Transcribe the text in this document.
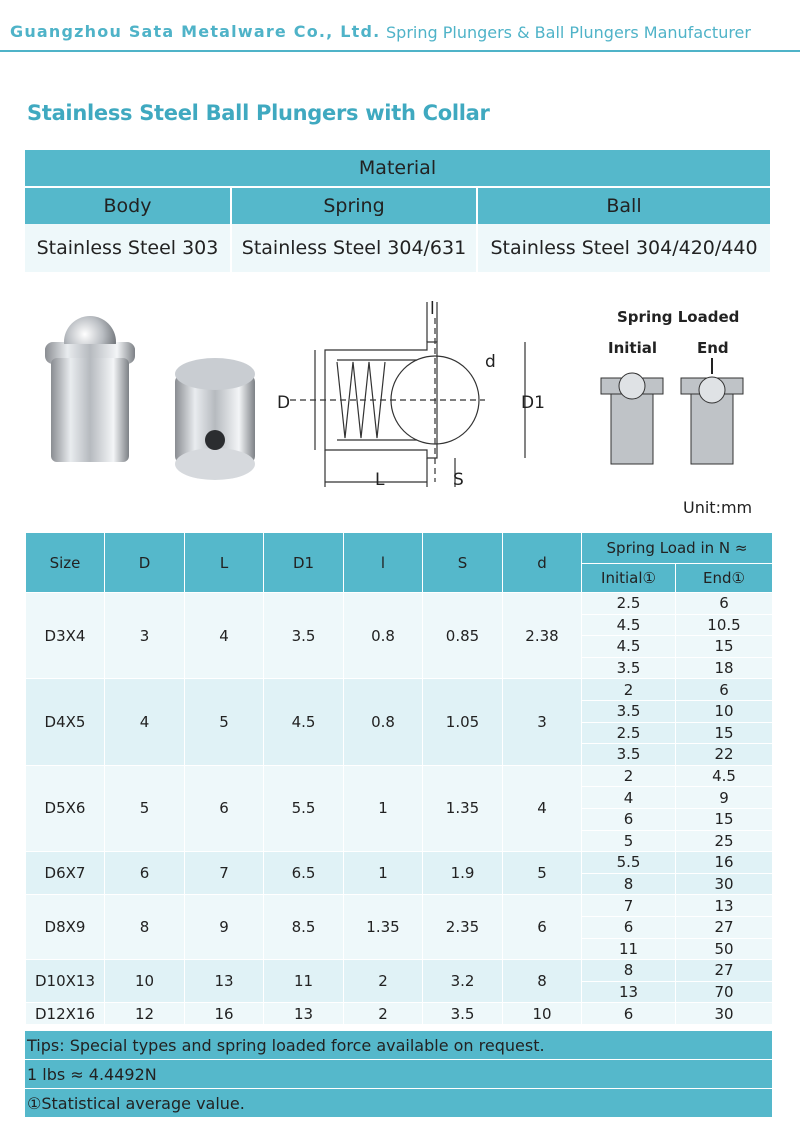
Guangzhou Sata Metalware Co., Ltd. Spring Plungers & Ball Plungers Manufacturer
Stainless Steel Ball Plungers with Collar
Material
Body	Spring	Ball
Stainless Steel 303	Stainless Steel 304/631	Stainless Steel 304/420/440
l
d
D	D1
L	S
Spring Loaded
Initial	End
Unit:mm
Size	D	L	D1	l	S	d	Spring Load in N ≈	
							Initial①	End①
D3X4	3	4	3.5	0.8	0.85	2.38	2.5	6
							4.5	10.5
							4.5	15
							3.5	18
D4X5	4	5	4.5	0.8	1.05	3	2	6
							3.5	10
							2.5	15
							3.5	22
D5X6	5	6	5.5	1	1.35	4	2	4.5
							4	9
							6	15
							5	25
D6X7	6	7	6.5	1	1.9	5	5.5	16
							8	30
D8X9	8	9	8.5	1.35	2.35	6	7	13
							6	27
							11	50
D10X13	10	13	11	2	3.2	8	8	27
							13	70
D12X16	12	16	13	2	3.5	10	6	30
Tips: Special types and spring loaded force available on request.
1 lbs ≈ 4.4492N
①Statistical average value.
